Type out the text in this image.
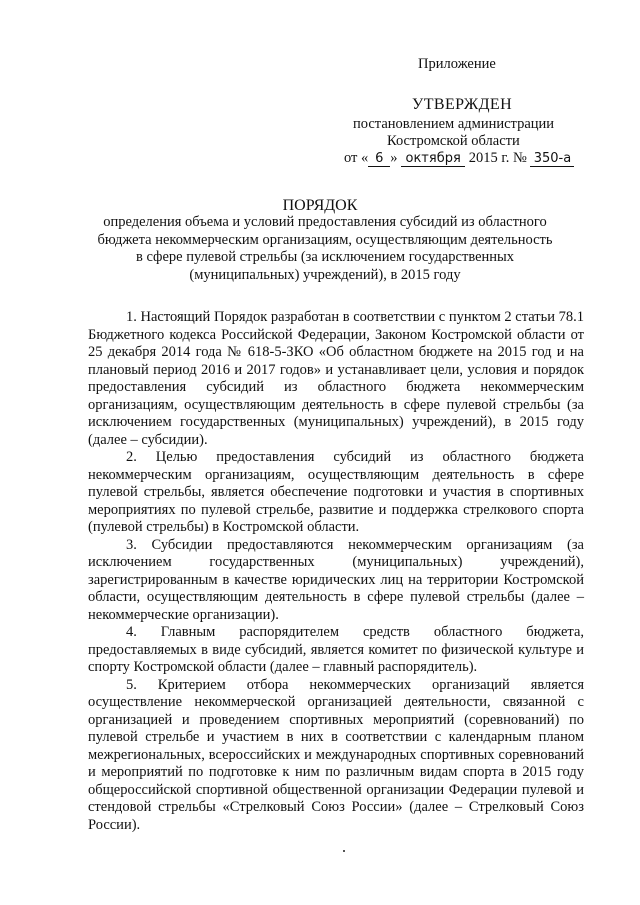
Приложение
УТВЕРЖДЕН
постановлением администрации
Костромской области
от « 6 » октября 2015 г. № 350-а
ПОРЯДОК
определения объема и условий предоставления субсидий из областного
бюджета некоммерческим организациям, осуществляющим деятельность
в сфере пулевой стрельбы (за исключением государственных
(муниципальных) учреждений), в 2015 году

1. Настоящий Порядок разработан в соответствии с пунктом 2 статьи 78.1 Бюджетного кодекса Российской Федерации, Законом Костромской области от 25 декабря 2014 года № 618-5-ЗКО «Об областном бюджете на 2015 год и на плановый период 2016 и 2017 годов» и устанавливает цели, условия и порядок предоставления субсидий из областного бюджета некоммерческим организациям, осуществляющим деятельность в сфере пулевой стрельбы (за исключением государственных (муниципальных) учреждений), в 2015 году (далее – субсидии).

2. Целью предоставления субсидий из областного бюджета некоммерческим организациям, осуществляющим деятельность в сфере пулевой стрельбы, является обеспечение подготовки и участия в спортивных мероприятиях по пулевой стрельбе, развитие и поддержка стрелкового спорта (пулевой стрельбы) в Костромской области.

3. Субсидии предоставляются некоммерческим организациям (за исключением государственных (муниципальных) учреждений), зарегистрированным в качестве юридических лиц на территории Костромской области, осуществляющим деятельность в сфере пулевой стрельбы (далее – некоммерческие организации).

4. Главным распорядителем средств областного бюджета, предоставляемых в виде субсидий, является комитет по физической культуре и спорту Костромской области (далее – главный распорядитель).

5. Критерием отбора некоммерческих организаций является осуществление некоммерческой организацией деятельности, связанной с организацией и проведением спортивных мероприятий (соревнований) по пулевой стрельбе и участием в них в соответствии с календарным планом межрегиональных, всероссийских и международных спортивных соревнований и мероприятий по подготовке к ним по различным видам спорта в 2015 году общероссийской спортивной общественной организации Федерации пулевой и стендовой стрельбы «Стрелковый Союз России» (далее – Стрелковый Союз России).
